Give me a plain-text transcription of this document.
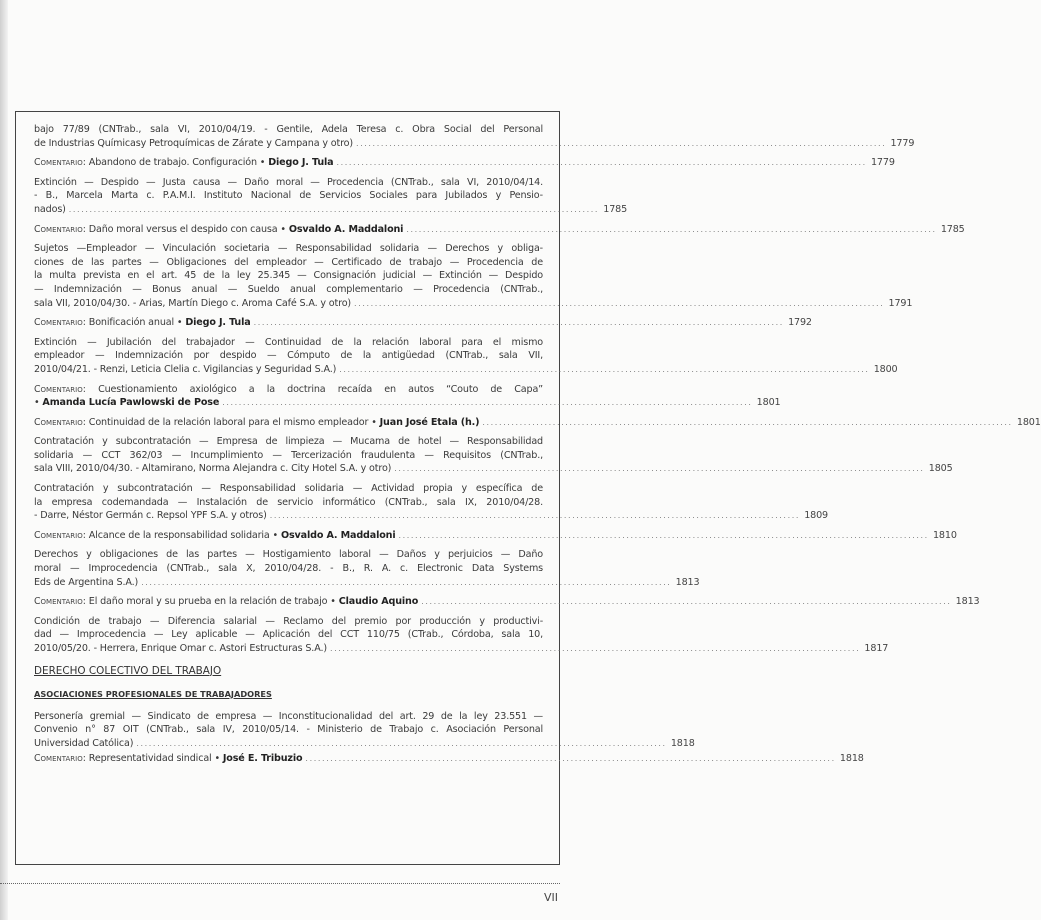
bajo 77/89 (CNTrab., sala VI, 2010/04/19. - Gentile, Adela Teresa c. Obra Social del Personal
de Industrias Químicasy Petroquímicas de Zárate y Campana y otro) ................................................................................................................................ 1779
Comentario: Abandono de trabajo. Configuración • Diego J. Tula ................................................................................................................................ 1779
Extinción — Despido — Justa causa — Daño moral — Procedencia (CNTrab., sala VI, 2010/04/14.
- B., Marcela Marta c. P.A.M.I. Instituto Nacional de Servicios Sociales para Jubilados y Pensio-
nados) ................................................................................................................................ 1785
Comentario: Daño moral versus el despido con causa • Osvaldo A. Maddaloni ................................................................................................................................ 1785
Sujetos —Empleador — Vinculación societaria — Responsabilidad solidaria — Derechos y obliga-
ciones de las partes — Obligaciones del empleador — Certificado de trabajo — Procedencia de
la multa prevista en el art. 45 de la ley 25.345 — Consignación judicial — Extinción — Despido
— Indemnización — Bonus anual — Sueldo anual complementario — Procedencia (CNTrab.,
sala VII, 2010/04/30. - Arias, Martín Diego c. Aroma Café S.A. y otro) ................................................................................................................................ 1791
Comentario: Bonificación anual • Diego J. Tula ................................................................................................................................ 1792
Extinción — Jubilación del trabajador — Continuidad de la relación laboral para el mismo
empleador — Indemnización por despido — Cómputo de la antigüedad (CNTrab., sala VII,
2010/04/21. - Renzi, Leticia Clelia c. Vigilancias y Seguridad S.A.) ................................................................................................................................ 1800
Comentario: Cuestionamiento axiológico a la doctrina recaída en autos “Couto de Capa”
• Amanda Lucía Pawlowski de Pose ................................................................................................................................ 1801
Comentario: Continuidad de la relación laboral para el mismo empleador • Juan José Etala (h.) ................................................................................................................................ 1801
Contratación y subcontratación — Empresa de limpieza — Mucama de hotel — Responsabilidad
solidaria — CCT 362/03 — Incumplimiento — Tercerización fraudulenta — Requisitos (CNTrab.,
sala VIII, 2010/04/30. - Altamirano, Norma Alejandra c. City Hotel S.A. y otro) ................................................................................................................................ 1805
Contratación y subcontratación — Responsabilidad solidaria — Actividad propia y específica de
la empresa codemandada — Instalación de servicio informático (CNTrab., sala IX, 2010/04/28.
- Darre, Néstor Germán c. Repsol YPF S.A. y otros) ................................................................................................................................ 1809
Comentario: Alcance de la responsabilidad solidaria • Osvaldo A. Maddaloni ................................................................................................................................ 1810
Derechos y obligaciones de las partes — Hostigamiento laboral — Daños y perjuicios — Daño
moral — Improcedencia (CNTrab., sala X, 2010/04/28. - B., R. A. c. Electronic Data Systems
Eds de Argentina S.A.) ................................................................................................................................ 1813
Comentario: El daño moral y su prueba en la relación de trabajo • Claudio Aquino ................................................................................................................................ 1813
Condición de trabajo — Diferencia salarial — Reclamo del premio por producción y productivi-
dad — Improcedencia — Ley aplicable — Aplicación del CCT 110/75 (CTrab., Córdoba, sala 10,
2010/05/20. - Herrera, Enrique Omar c. Astori Estructuras S.A.) ................................................................................................................................ 1817
DERECHO COLECTIVO DEL TRABAJO
ASOCIACIONES PROFESIONALES DE TRABAJADORES
Personería gremial — Sindicato de empresa — Inconstitucionalidad del art. 29 de la ley 23.551 —
Convenio n° 87 OIT (CNTrab., sala IV, 2010/05/14. - Ministerio de Trabajo c. Asociación Personal
Universidad Católica) ................................................................................................................................ 1818
Comentario: Representatividad sindical • José E. Tribuzio ................................................................................................................................ 1818
VII
